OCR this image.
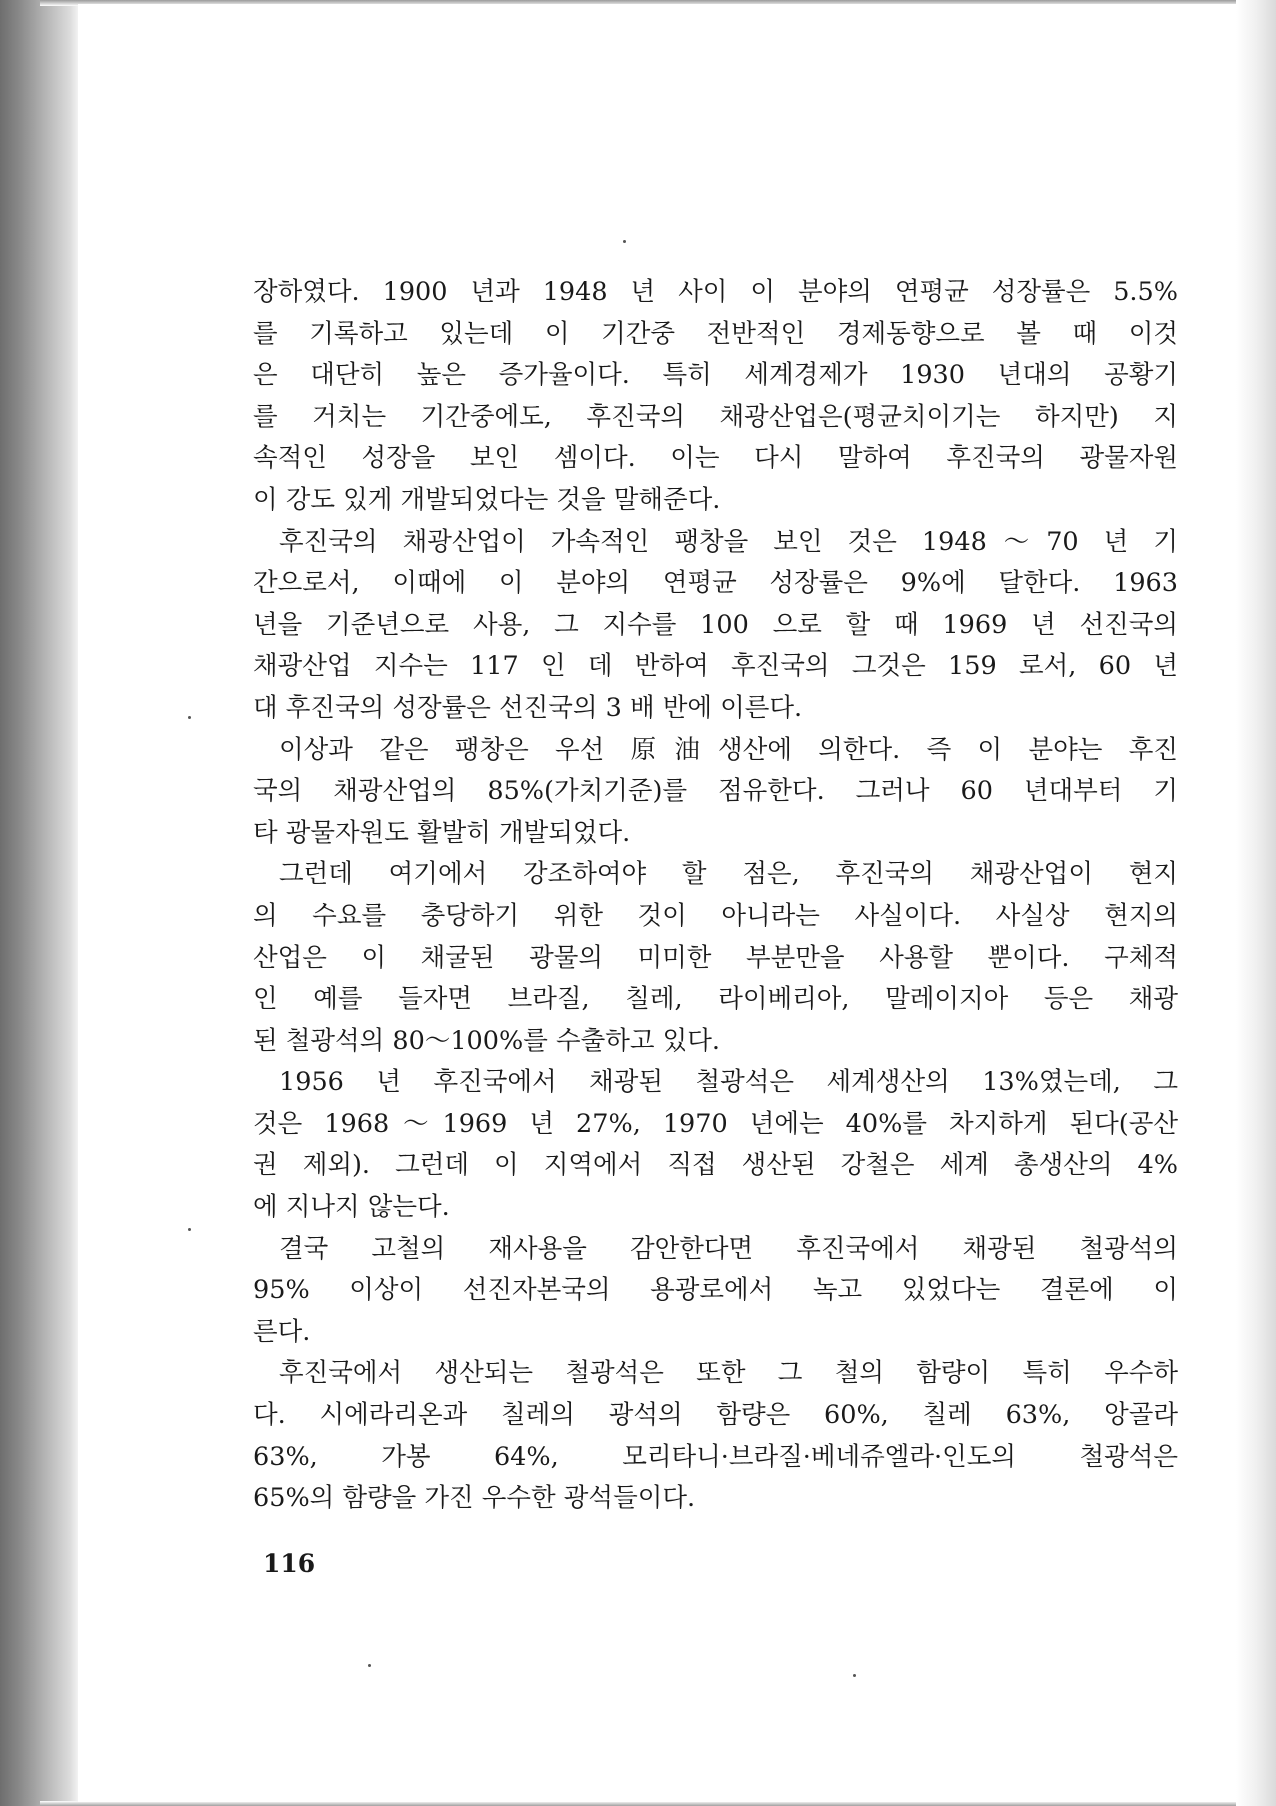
장하였다. 1900 년과 1948 년 사이 이 분야의 연평균 성장률은 5.5%
를 기록하고 있는데 이 기간중 전반적인 경제동향으로 볼 때 이것
은 대단히 높은 증가율이다. 특히 세계경제가 1930 년대의 공황기
를 거치는 기간중에도, 후진국의 채광산업은(평균치이기는 하지만) 지
속적인 성장을 보인 셈이다. 이는 다시 말하여 후진국의 광물자원
이 강도 있게 개발되었다는 것을 말해준다.
후진국의 채광산업이 가속적인 팽창을 보인 것은 1948～70 년 기
간으로서, 이때에 이 분야의 연평균 성장률은 9%에 달한다. 1963
년을 기준년으로 사용, 그 지수를 100 으로 할 때 1969 년 선진국의
채광산업 지수는 117 인 데 반하여 후진국의 그것은 159 로서, 60 년
대 후진국의 성장률은 선진국의 3 배 반에 이른다.
이상과 같은 팽창은 우선 原油생산에 의한다. 즉 이 분야는 후진
국의 채광산업의 85%(가치기준)를 점유한다. 그러나 60 년대부터 기
타 광물자원도 활발히 개발되었다.
그런데 여기에서 강조하여야 할 점은, 후진국의 채광산업이 현지
의 수요를 충당하기 위한 것이 아니라는 사실이다. 사실상 현지의
산업은 이 채굴된 광물의 미미한 부분만을 사용할 뿐이다. 구체적
인 예를 들자면 브라질, 칠레, 라이베리아, 말레이지아 등은 채광
된 철광석의 80～100%를 수출하고 있다.
1956 년 후진국에서 채광된 철광석은 세계생산의 13%였는데, 그
것은 1968～1969 년 27%, 1970 년에는 40%를 차지하게 된다(공산
권 제외). 그런데 이 지역에서 직접 생산된 강철은 세계 총생산의 4%
에 지나지 않는다.
결국 고철의 재사용을 감안한다면 후진국에서 채광된 철광석의
95% 이상이 선진자본국의 용광로에서 녹고 있었다는 결론에 이
른다.
후진국에서 생산되는 철광석은 또한 그 철의 함량이 특히 우수하
다. 시에라리온과 칠레의 광석의 함량은 60%, 칠레 63%, 앙골라
63%, 가봉 64%, 모리타니·브라질·베네쥬엘라·인도의 철광석은
65%의 함량을 가진 우수한 광석들이다.
116
